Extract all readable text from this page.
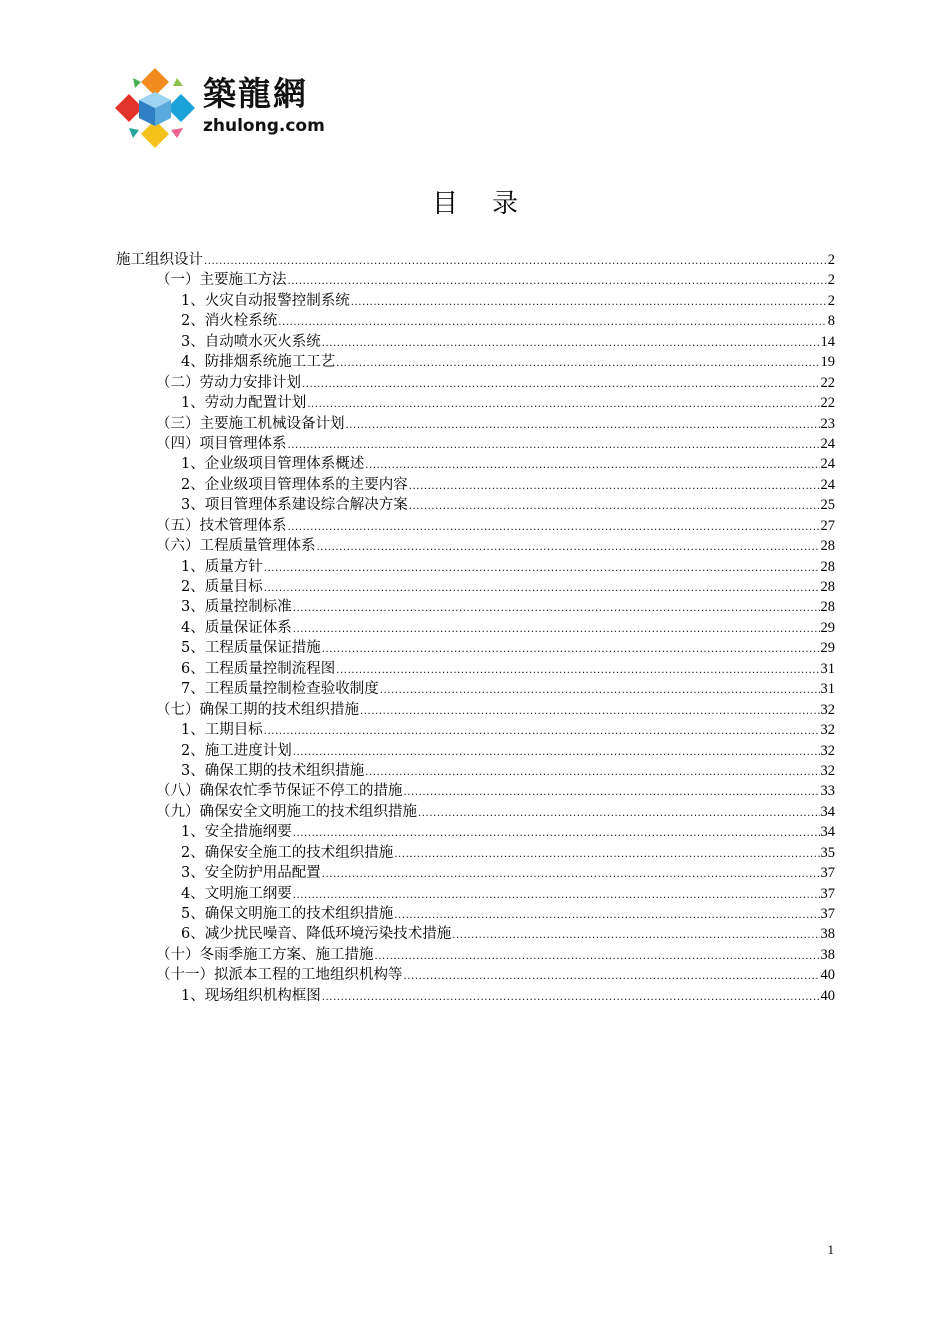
築龍網
zhulong.com
目录
施工组织设计 .....	2
（一）主要施工方法 .....	2
1、火灾自动报警控制系统 .....	2
2、消火栓系统 .....	8
3、自动喷水灭火系统 .....	14
4、防排烟系统施工工艺 .....	19
（二）劳动力安排计划 .....	22
1、劳动力配置计划 .....	22
（三）主要施工机械设备计划 .....	23
（四）项目管理体系 .....	24
1、企业级项目管理体系概述 .....	24
2、企业级项目管理体系的主要内容 .....	24
3、项目管理体系建设综合解决方案 .....	25
（五）技术管理体系 .....	27
（六）工程质量管理体系 .....	28
1、质量方针 .....	28
2、质量目标 .....	28
3、质量控制标准 .....	28
4、质量保证体系 .....	29
5、工程质量保证措施 .....	29
6、工程质量控制流程图 .....	31
7、工程质量控制检查验收制度 .....	31
（七）确保工期的技术组织措施 .....	32
1、工期目标 .....	32
2、施工进度计划 .....	32
3、确保工期的技术组织措施 .....	32
（八）确保农忙季节保证不停工的措施 .....	33
（九）确保安全文明施工的技术组织措施 .....	34
1、安全措施纲要 .....	34
2、确保安全施工的技术组织措施 .....	35
3、安全防护用品配置 .....	37
4、文明施工纲要 .....	37
5、确保文明施工的技术组织措施 .....	37
6、减少扰民噪音、降低环境污染技术措施 .....	38
（十）冬雨季施工方案、施工措施 .....	38
（十一）拟派本工程的工地组织机构等 .....	40
1、现场组织机构框图 .....	40
1
